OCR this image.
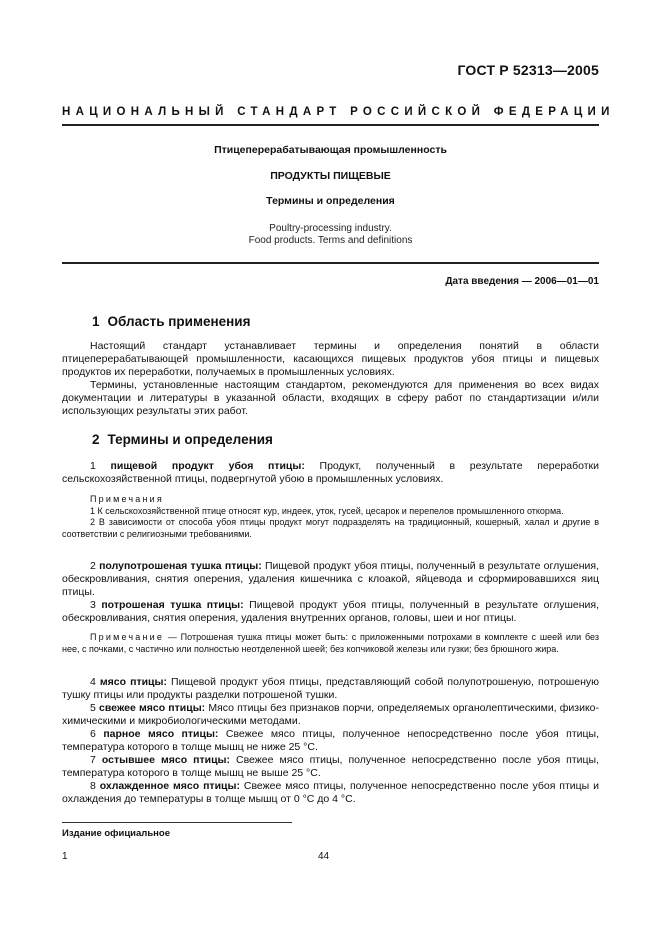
ГОСТ Р 52313—2005
НАЦИОНАЛЬНЫЙ СТАНДАРТ РОССИЙСКОЙ ФЕДЕРАЦИИ
Птицеперерабатывающая промышленность
ПРОДУКТЫ ПИЩЕВЫЕ
Термины и определения
Poultry-processing industry.
Food products. Terms and definitions
Дата введения — 2006—01—01
1 Область применения

Настоящий стандарт устанавливает термины и определения понятий в области птицеперерабатывающей промышленности, касающихся пищевых продуктов убоя птицы и пищевых продуктов их переработки, получаемых в промышленных условиях.

Термины, установленные настоящим стандартом, рекомендуются для применения во всех видах документации и литературы в указанной области, входящих в сферу работ по стандартизации и/или использующих результаты этих работ.

2 Термины и определения

1 пищевой продукт убоя птицы: Продукт, полученный в результате переработки сельскохозяйственной птицы, подвергнутой убою в промышленных условиях.

Примечания

1 К сельскохозяйственной птице относят кур, индеек, уток, гусей, цесарок и перепелов промышленного откорма.

2 В зависимости от способа убоя птицы продукт могут подразделять на традиционный, кошерный, халал и другие в соответствии с религиозными требованиями.

2 полупотрошеная тушка птицы: Пищевой продукт убоя птицы, полученный в результате оглушения, обескровливания, снятия оперения, удаления кишечника с клоакой, яйцевода и сформировавшихся яиц птицы.

3 потрошеная тушка птицы: Пищевой продукт убоя птицы, полученный в результате оглушения, обескровливания, снятия оперения, удаления внутренних органов, головы, шеи и ног птицы.

Примечание — Потрошеная тушка птицы может быть: с приложенными потрохами в комплекте с шеей или без нее, с почками, с частично или полностью неотделенной шеей; без копчиковой железы или гузки; без брюшного жира.

4 мясо птицы: Пищевой продукт убоя птицы, представляющий собой полупотрошеную, потрошеную тушку птицы или продукты разделки потрошеной тушки.

5 свежее мясо птицы: Мясо птицы без признаков порчи, определяемых органолептическими, физико-химическими и микробиологическими методами.

6 парное мясо птицы: Свежее мясо птицы, полученное непосредственно после убоя птицы, температура которого в толще мышц не ниже 25 °С.

7 остывшее мясо птицы: Свежее мясо птицы, полученное непосредственно после убоя птицы, температура которого в толще мышц не выше 25 °С.

8 охлажденное мясо птицы: Свежее мясо птицы, полученное непосредственно после убоя птицы и охлаждения до температуры в толще мышц от 0 °С до 4 °С.

Издание официальное
1	44
